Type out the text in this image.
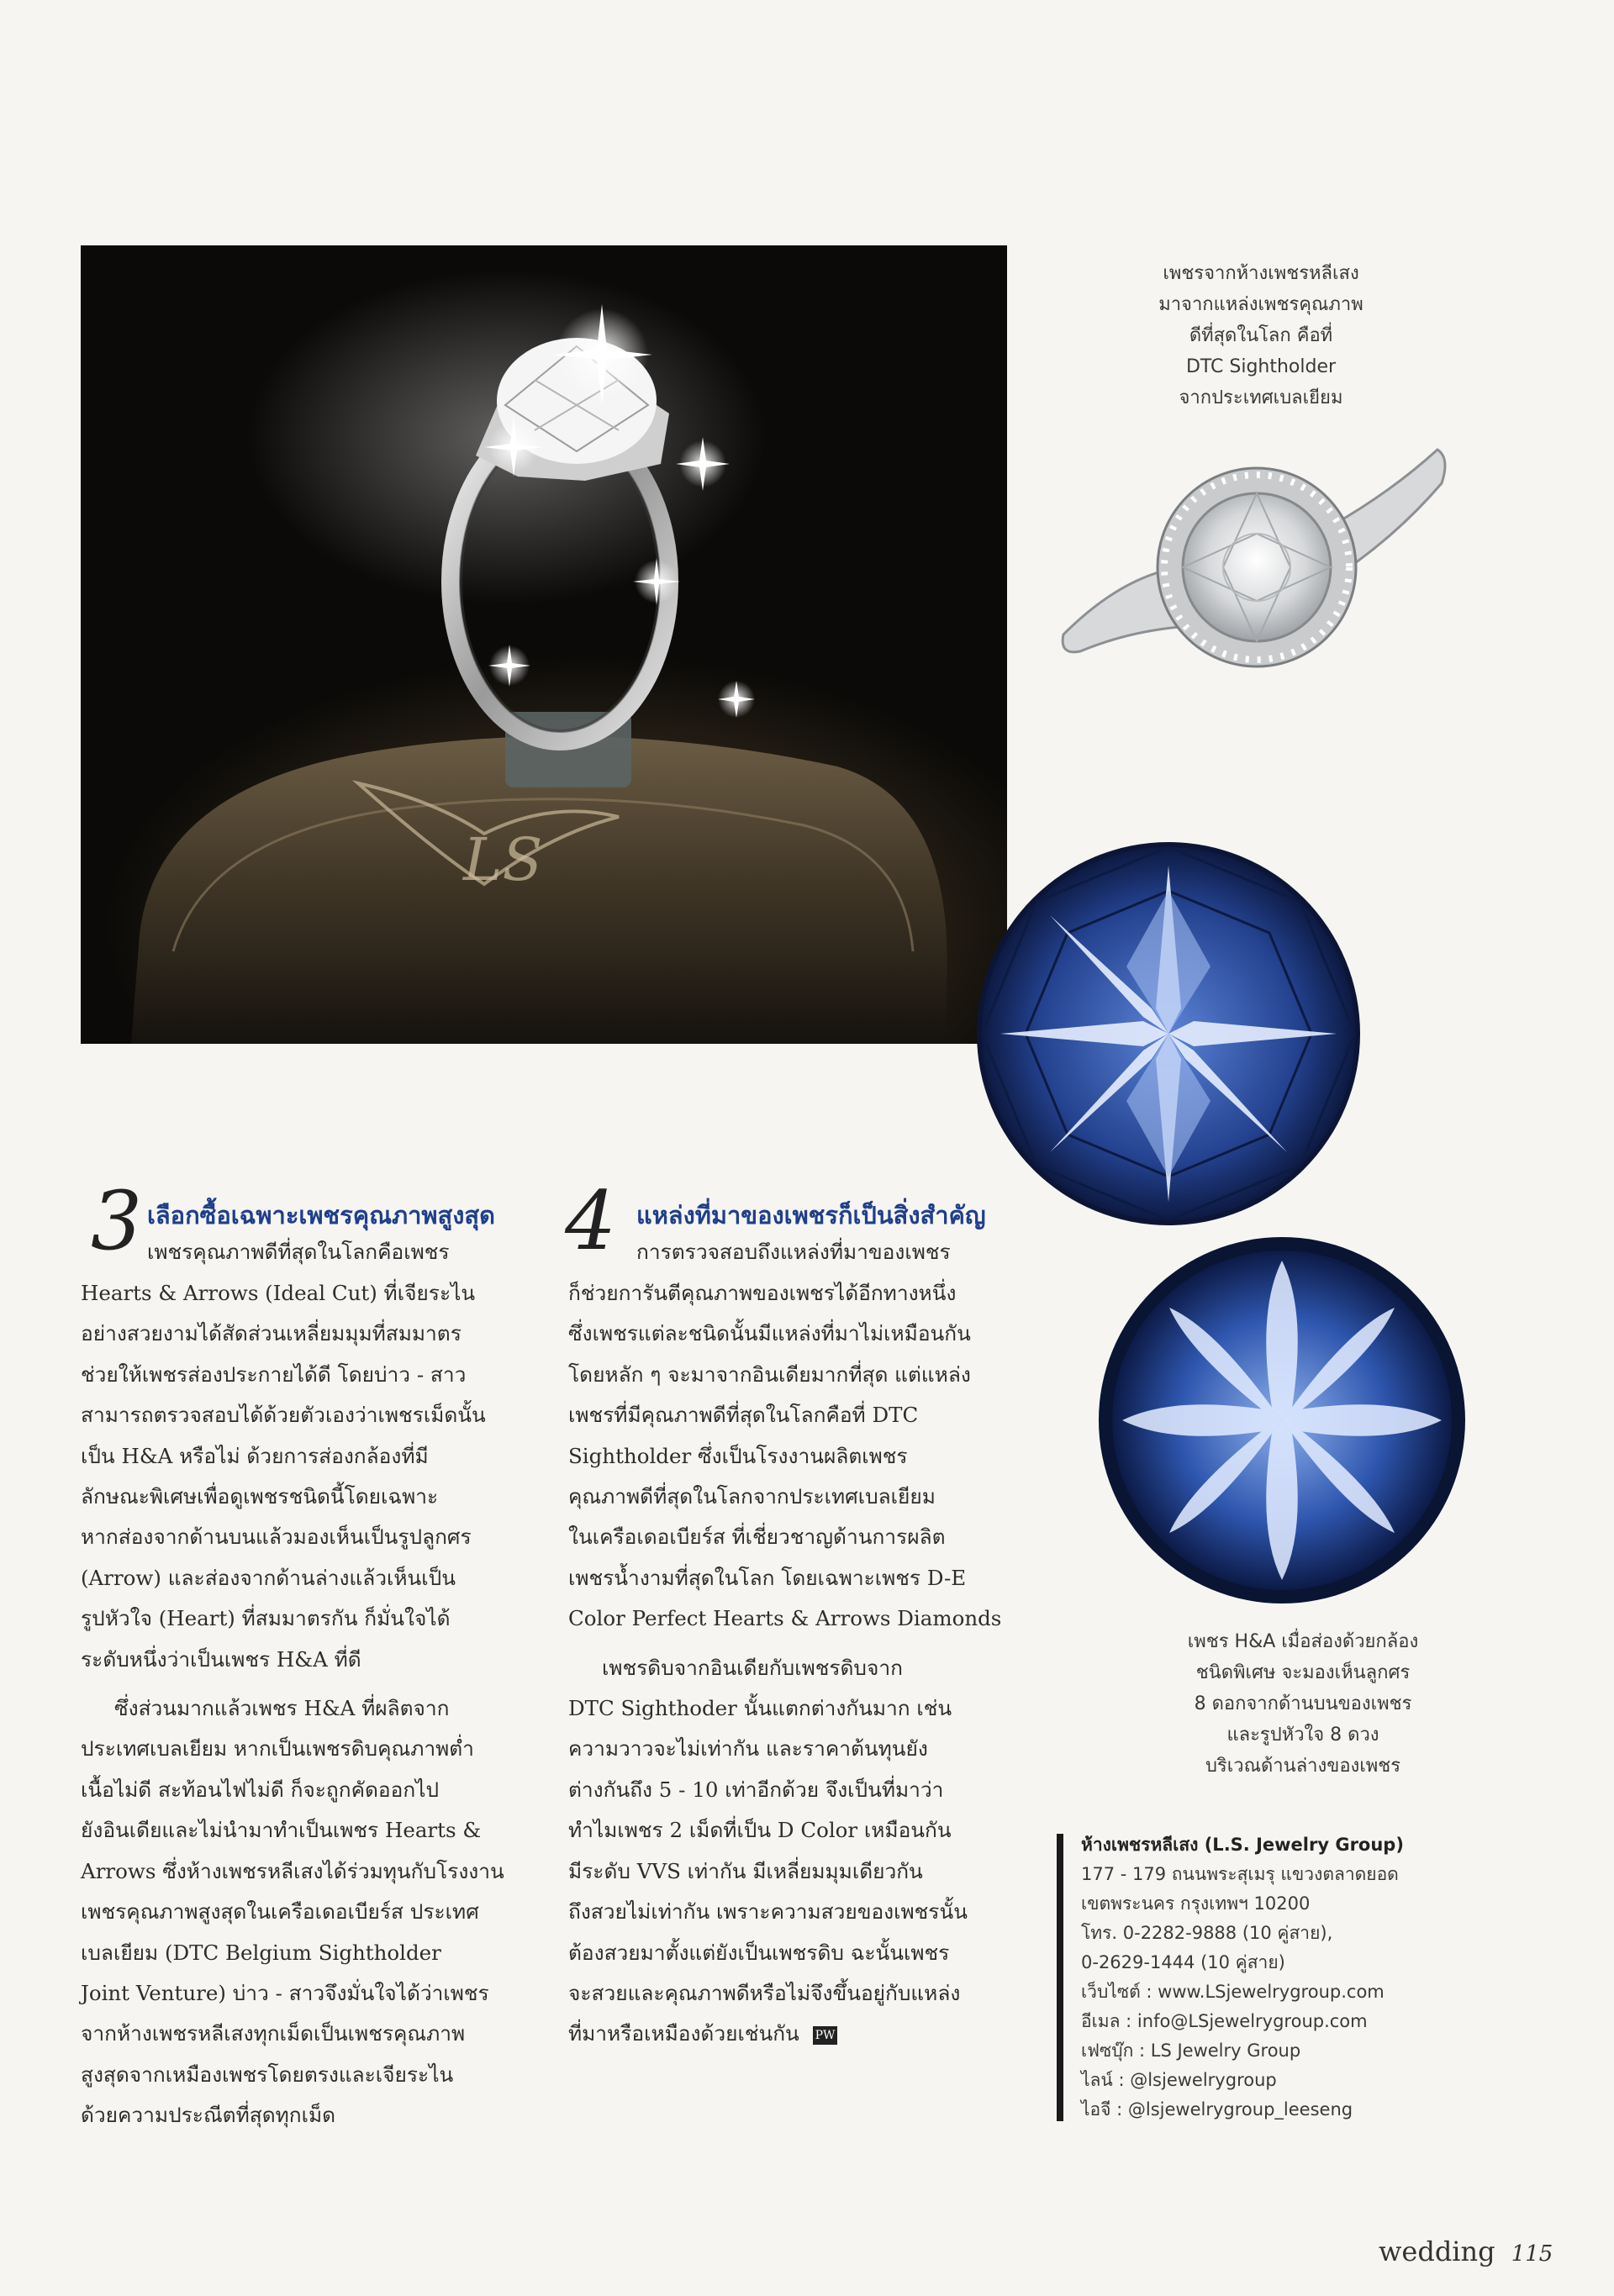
LS
เพชรจากห้างเพชรหลีเสง
มาจากแหล่งเพชรคุณภาพ
ดีที่สุดในโลก คือที่
DTC Sightholder
จากประเทศเบลเยียม
เพชร H&A เมื่อส่องด้วยกล้อง
ชนิดพิเศษ จะมองเห็นลูกศร
8 ดอกจากด้านบนของเพชร
และรูปหัวใจ 8 ดวง
บริเวณด้านล่างของเพชร
3 เลือกซื้อเฉพาะเพชรคุณภาพสูงสุด
เพชรคุณภาพดีที่สุดในโลกคือเพชร

Hearts & Arrows (Ideal Cut) ที่เจียระไน

อย่างสวยงามได้สัดส่วนเหลี่ยมมุมที่สมมาตร

ช่วยให้เพชรส่องประกายได้ดี โดยบ่าว - สาว

สามารถตรวจสอบได้ด้วยตัวเองว่าเพชรเม็ดนั้น

เป็น H&A หรือไม่ ด้วยการส่องกล้องที่มี

ลักษณะพิเศษเพื่อดูเพชรชนิดนี้โดยเฉพาะ

หากส่องจากด้านบนแล้วมองเห็นเป็นรูปลูกศร

(Arrow) และส่องจากด้านล่างแล้วเห็นเป็น

รูปหัวใจ (Heart) ที่สมมาตรกัน ก็มั่นใจได้

ระดับหนึ่งว่าเป็นเพชร H&A ที่ดี

ซึ่งส่วนมากแล้วเพชร H&A ที่ผลิตจาก

ประเทศเบลเยียม หากเป็นเพชรดิบคุณภาพต่ำ

เนื้อไม่ดี สะท้อนไฟไม่ดี ก็จะถูกคัดออกไป

ยังอินเดียและไม่นำมาทำเป็นเพชร Hearts &

Arrows ซึ่งห้างเพชรหลีเสงได้ร่วมทุนกับโรงงาน

เพชรคุณภาพสูงสุดในเครือเดอเบียร์ส ประเทศ

เบลเยียม (DTC Belgium Sightholder

Joint Venture) บ่าว - สาวจึงมั่นใจได้ว่าเพชร

จากห้างเพชรหลีเสงทุกเม็ดเป็นเพชรคุณภาพ

สูงสุดจากเหมืองเพชรโดยตรงและเจียระไน

ด้วยความประณีตที่สุดทุกเม็ด

4 แหล่งที่มาของเพชรก็เป็นสิ่งสำคัญ
การตรวจสอบถึงแหล่งที่มาของเพชร

ก็ช่วยการันตีคุณภาพของเพชรได้อีกทางหนึ่ง

ซึ่งเพชรแต่ละชนิดนั้นมีแหล่งที่มาไม่เหมือนกัน

โดยหลัก ๆ จะมาจากอินเดียมากที่สุด แต่แหล่ง

เพชรที่มีคุณภาพดีที่สุดในโลกคือที่ DTC

Sightholder ซึ่งเป็นโรงงานผลิตเพชร

คุณภาพดีที่สุดในโลกจากประเทศเบลเยียม

ในเครือเดอเบียร์ส ที่เชี่ยวชาญด้านการผลิต

เพชรน้ำงามที่สุดในโลก โดยเฉพาะเพชร D-E

Color Perfect Hearts & Arrows Diamonds

เพชรดิบจากอินเดียกับเพชรดิบจาก

DTC Sighthoder นั้นแตกต่างกันมาก เช่น

ความวาวจะไม่เท่ากัน และราคาต้นทุนยัง

ต่างกันถึง 5 - 10 เท่าอีกด้วย จึงเป็นที่มาว่า

ทำไมเพชร 2 เม็ดที่เป็น D Color เหมือนกัน

มีระดับ VVS เท่ากัน มีเหลี่ยมมุมเดียวกัน

ถึงสวยไม่เท่ากัน เพราะความสวยของเพชรนั้น

ต้องสวยมาตั้งแต่ยังเป็นเพชรดิบ ฉะนั้นเพชร

จะสวยและคุณภาพดีหรือไม่จึงขึ้นอยู่กับแหล่ง

ที่มาหรือเหมืองด้วยเช่นกัน PW

ห้างเพชรหลีเสง (L.S. Jewelry Group)
177 - 179 ถนนพระสุเมรุ แขวงตลาดยอด
เขตพระนคร กรุงเทพฯ 10200
โทร. 0-2282-9888 (10 คู่สาย),
0-2629-1444 (10 คู่สาย)
เว็บไซต์ : www.LSjewelrygroup.com
อีเมล : info@LSjewelrygroup.com
เฟซบุ๊ก : LS Jewelry Group
ไลน์ : @lsjewelrygroup
ไอจี : @lsjewelrygroup_leeseng
wedding 115
